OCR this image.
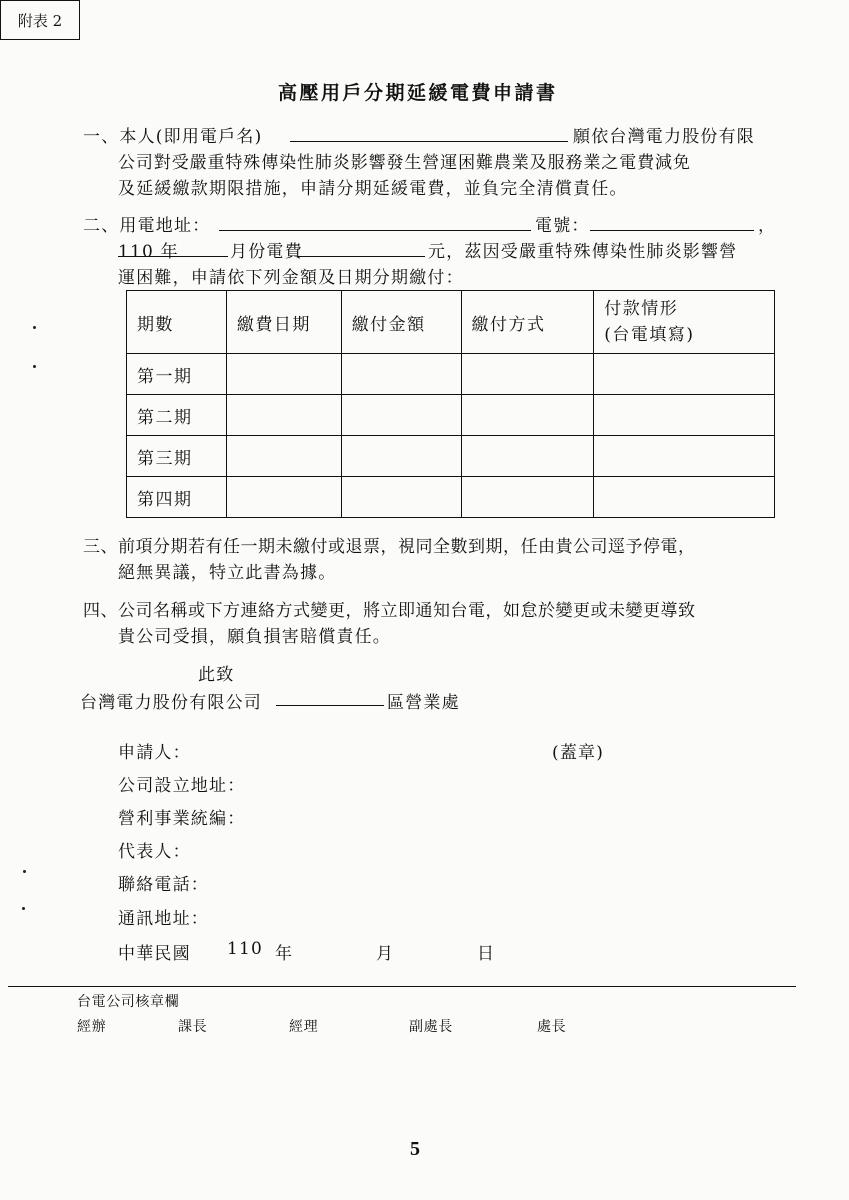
高壓用戶分期延緩電費申請書
附表 2
一、本人(即用電戶名)	願依台灣電力股份有限
公司對受嚴重特殊傳染性肺炎影響發生營運困難農業及服務業之電費減免
及延緩繳款期限措施，申請分期延緩電費，並負完全清償責任。
二、用電地址：	電號：	，
110 年	月份電費	元，茲因受嚴重特殊傳染性肺炎影響營
運困難，申請依下列金額及日期分期繳付：
期數	繳費日期	繳付金額	繳付方式	付款情形
(台電填寫)

第一期				
第二期				
第三期				
第四期				
三、前項分期若有任一期未繳付或退票，視同全數到期，任由貴公司逕予停電，
絕無異議，特立此書為據。
四、公司名稱或下方連絡方式變更，將立即通知台電，如怠於變更或未變更導致
貴公司受損，願負損害賠償責任。
此致
台灣電力股份有限公司	區營業處
申請人：	(蓋章)
公司設立地址：
營利事業統編：
代表人：
聯絡電話：
通訊地址：
中華民國 110 年	月	日
台電公司核章欄
經辦	課長	經理	副處長	處長
5
